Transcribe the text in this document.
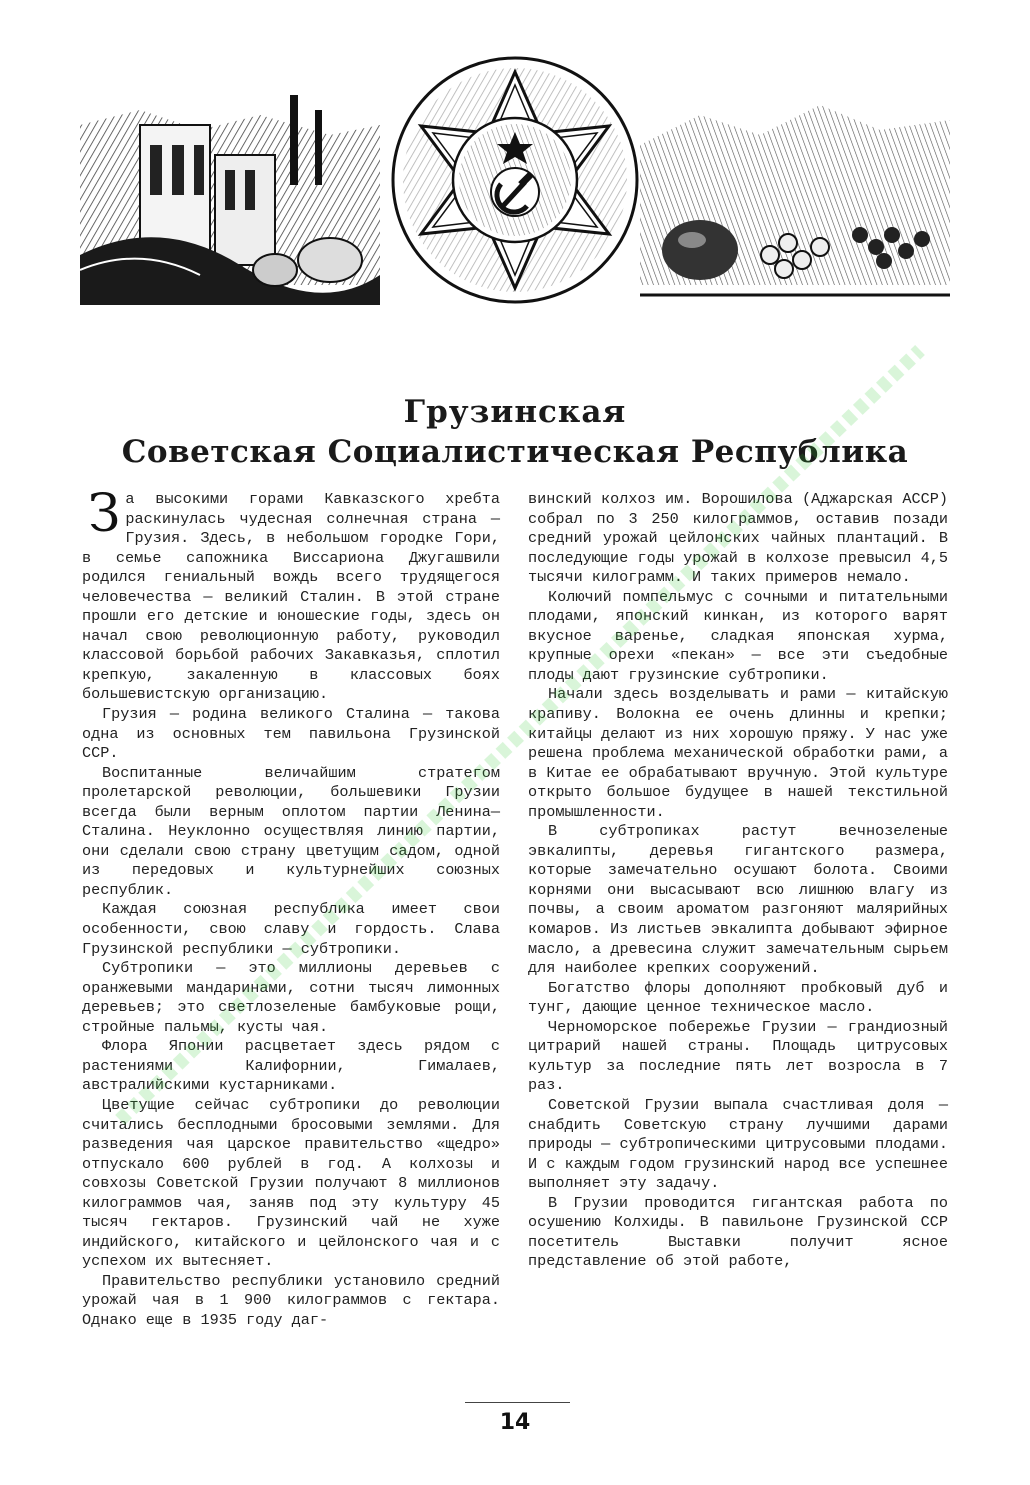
Грузинская
Советская Социалистическая Республика

За высокими горами Кавказского хребта раскинулась чудесная солнечная страна — Грузия. Здесь, в небольшом городке Гори, в семье сапожника Виссариона Джугашвили родился гениальный вождь всего трудящегося человечества — великий Сталин. В этой стране прошли его детские и юношеские годы, здесь он начал свою революционную работу, руководил классовой борьбой рабочих Закавказья, сплотил крепкую, закаленную в классовых боях большевистскую организацию.

Грузия — родина великого Сталина — такова одна из основных тем павильона Грузинской ССР.

Воспитанные величайшим стратегом пролетарской революции, большевики Грузии всегда были верным оплотом партии Ленина—Сталина. Неуклонно осуществляя линию партии, они сделали свою страну цветущим садом, одной из передовых и культурнейших союзных республик.

Каждая союзная республика имеет свои особенности, свою славу и гордость. Слава Грузинской республики — субтропики.

Субтропики — это миллионы деревьев с оранжевыми мандаринами, сотни тысяч лимонных деревьев; это светлозеленые бамбуковые рощи, стройные пальмы, кусты чая.

Флора Японии расцветает здесь рядом с растениями Калифорнии, Гималаев, австралийскими кустарниками.

Цветущие сейчас субтропики до революции считались бесплодными бросовыми землями. Для разведения чая царское правительство «щедро» отпускало 600 рублей в год. А колхозы и совхозы Советской Грузии получают 8 миллионов килограммов чая, заняв под эту культуру 45 тысяч гектаров. Грузинский чай не хуже индийского, китайского и цейлонского чая и с успехом их вытесняет.

Правительство республики установило средний урожай чая в 1 900 килограммов с гектара. Однако еще в 1935 году даг-

винский колхоз им. Ворошилова (Аджарская АССР) собрал по 3 250 килограммов, оставив позади средний урожай цейлонских чайных плантаций. В последующие годы урожай в колхозе превысил 4,5 тысячи килограмм. И таких примеров немало.

Колючий помпельмус с сочными и питательными плодами, японский кинкан, из которого варят вкусное варенье, сладкая японская хурма, крупные орехи «пекан» — все эти съедобные плоды дают грузинские субтропики.

Начали здесь возделывать и рами — китайскую крапиву. Волокна ее очень длинны и крепки; китайцы делают из них хорошую пряжу. У нас уже решена проблема механической обработки рами, а в Китае ее обрабатывают вручную. Этой культуре открыто большое будущее в нашей текстильной промышленности.

В субтропиках растут вечнозеленые эвкалипты, деревья гигантского размера, которые замечательно осушают болота. Своими корнями они высасывают всю лишнюю влагу из почвы, а своим ароматом разгоняют малярийных комаров. Из листьев эвкалипта добывают эфирное масло, а древесина служит замечательным сырьем для наиболее крепких сооружений.

Богатство флоры дополняют пробковый дуб и тунг, дающие ценное техническое масло.

Черноморское побережье Грузии — грандиозный цитрарий нашей страны. Площадь цитрусовых культур за последние пять лет возросла в 7 раз.

Советской Грузии выпала счастливая доля — снабдить Советскую страну лучшими дарами природы — субтропическими цитрусовыми плодами. И с каждым годом грузинский народ все успешнее выполняет эту задачу.

В Грузии проводится гигантская работа по осушению Колхиды. В павильоне Грузинской ССР посетитель Выставки получит ясное представление об этой работе,

14
